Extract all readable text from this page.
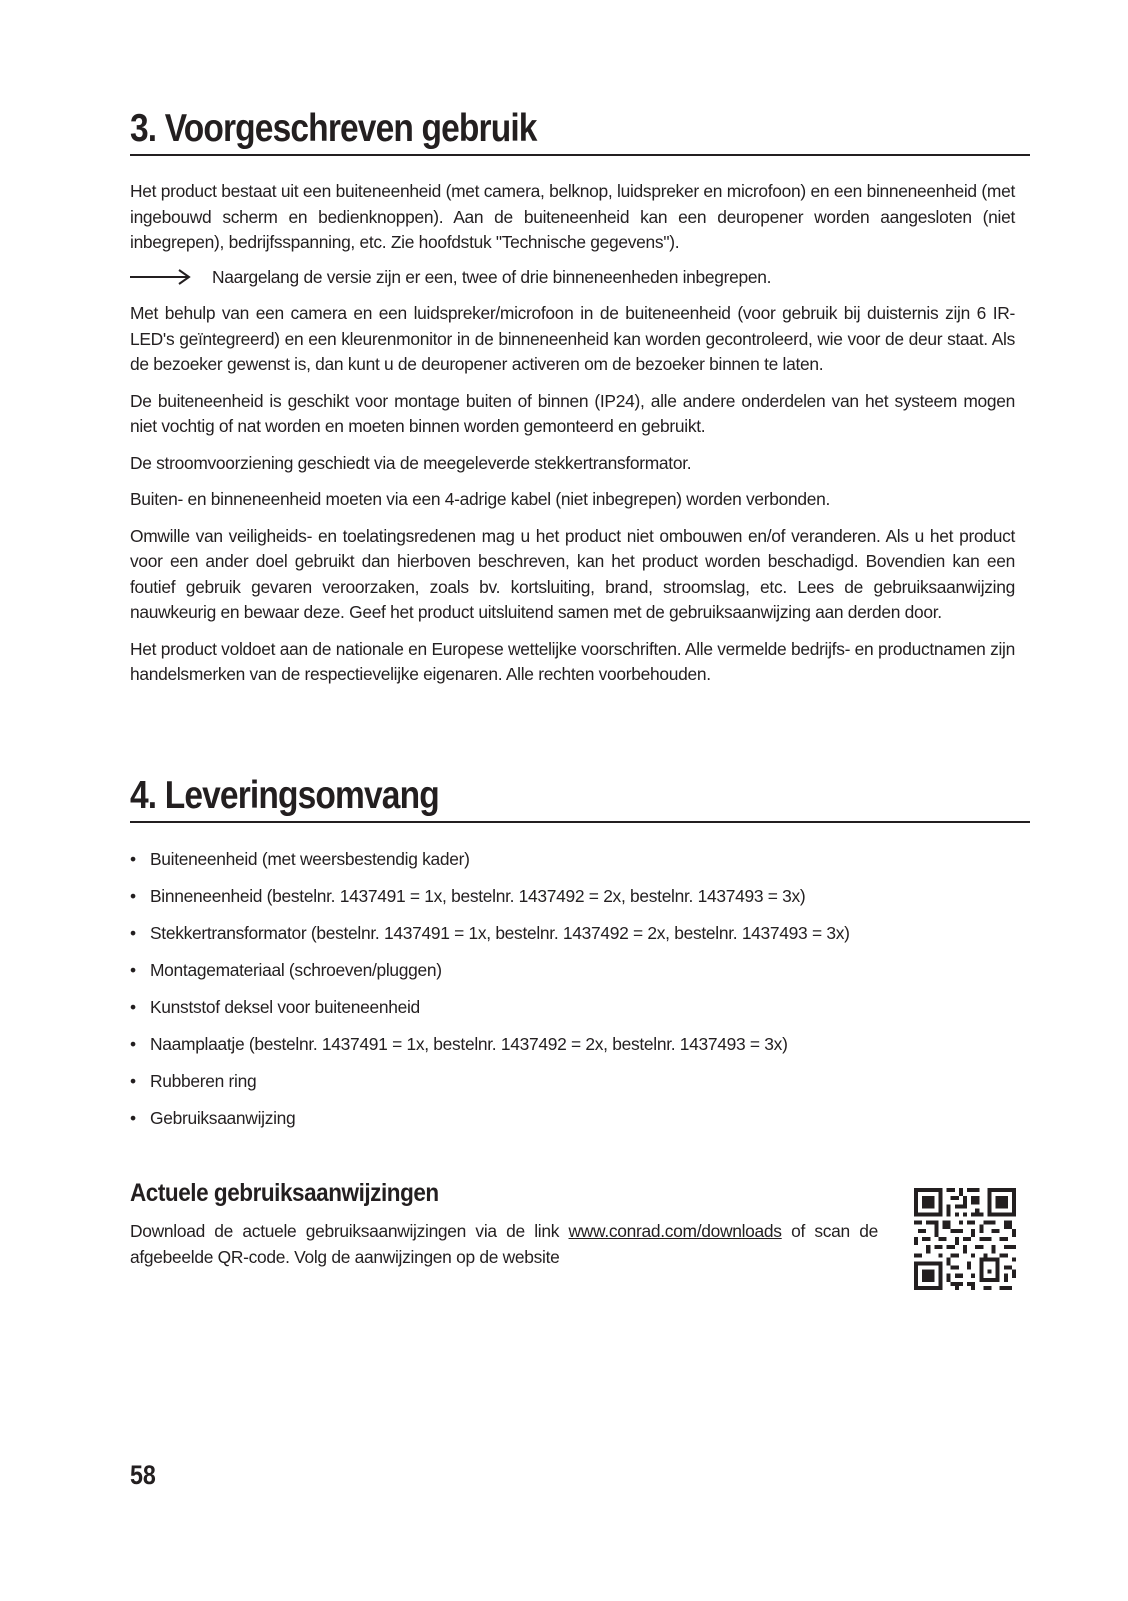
3. Voorgeschreven gebruik

Het product bestaat uit een buiteneenheid (met camera, belknop, luidspreker en microfoon) en een binneneenheid (met ingebouwd scherm en bedienknoppen). Aan de buiteneenheid kan een deuropener worden aangesloten (niet inbegrepen), bedrijfsspanning, etc. Zie hoofdstuk "Technische gegevens").

Naargelang de versie zijn er een, twee of drie binneneenheden inbegrepen.

Met behulp van een camera en een luidspreker/microfoon in de buiteneenheid (voor gebruik bij duisternis zijn 6 IR-LED's geïntegreerd) en een kleurenmonitor in de binneneenheid kan worden gecontroleerd, wie voor de deur staat. Als de bezoeker gewenst is, dan kunt u de deuropener activeren om de bezoeker binnen te laten.

De buiteneenheid is geschikt voor montage buiten of binnen (IP24), alle andere onderdelen van het systeem mogen niet vochtig of nat worden en moeten binnen worden gemonteerd en gebruikt.

De stroomvoorziening geschiedt via de meegeleverde stekkertransformator.

Buiten- en binneneenheid moeten via een 4-adrige kabel (niet inbegrepen) worden verbonden.

Omwille van veiligheids- en toelatingsredenen mag u het product niet ombouwen en/of veranderen. Als u het product voor een ander doel gebruikt dan hierboven beschreven, kan het product worden beschadigd. Bovendien kan een foutief gebruik gevaren veroorzaken, zoals bv. kortsluiting, brand, stroomslag, etc. Lees de gebruiksaanwijzing nauwkeurig en bewaar deze. Geef het product uitsluitend samen met de gebruiksaanwijzing aan derden door.

Het product voldoet aan de nationale en Europese wettelijke voorschriften. Alle vermelde bedrijfs- en productnamen zijn handelsmerken van de respectievelijke eigenaren. Alle rechten voorbehouden.

4. Leveringsomvang
• Buiteneenheid (met weersbestendig kader)
• Binneneenheid (bestelnr. 1437491 = 1x, bestelnr. 1437492 = 2x, bestelnr. 1437493 = 3x)
• Stekkertransformator (bestelnr. 1437491 = 1x, bestelnr. 1437492 = 2x, bestelnr. 1437493 = 3x)
• Montagemateriaal (schroeven/pluggen)
• Kunststof deksel voor buiteneenheid
• Naamplaatje (bestelnr. 1437491 = 1x, bestelnr. 1437492 = 2x, bestelnr. 1437493 = 3x)
• Rubberen ring
• Gebruiksaanwijzing
Actuele gebruiksaanwijzingen

Download de actuele gebruiksaanwijzingen via de link www.conrad.com/downloads of scan de afgebeelde QR-code. Volg de aanwijzingen op de website

58
